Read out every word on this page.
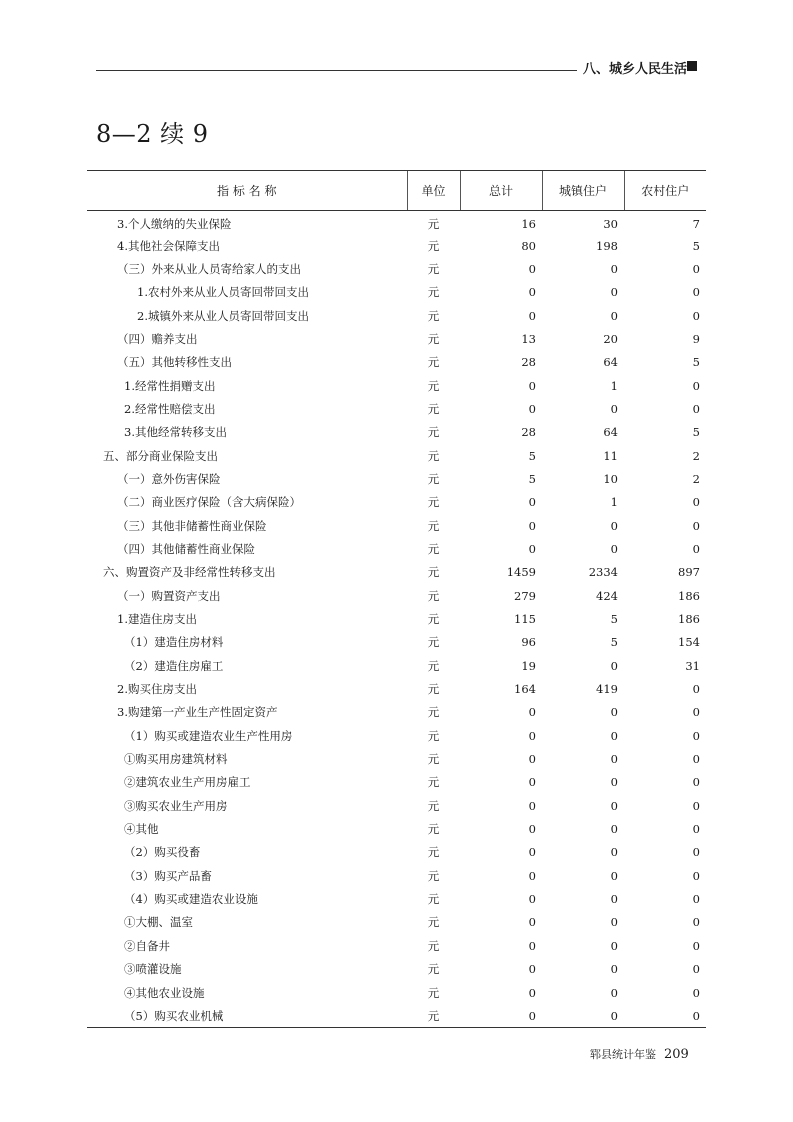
八、城乡人民生活
8—2 续 9
指 标 名 称	单位	总计	城镇住户	农村住户
3.个人缴纳的失业保险	元	16	30	7
4.其他社会保障支出	元	80	198	5
（三）外来从业人员寄给家人的支出	元	0	0	0
1.农村外来从业人员寄回带回支出	元	0	0	0
2.城镇外来从业人员寄回带回支出	元	0	0	0
（四）赡养支出	元	13	20	9
（五）其他转移性支出	元	28	64	5
1.经常性捐赠支出	元	0	1	0
2.经常性赔偿支出	元	0	0	0
3.其他经常转移支出	元	28	64	5
五、部分商业保险支出	元	5	11	2
（一）意外伤害保险	元	5	10	2
（二）商业医疗保险（含大病保险）	元	0	1	0
（三）其他非储蓄性商业保险	元	0	0	0
（四）其他储蓄性商业保险	元	0	0	0
六、购置资产及非经常性转移支出	元	1459	2334	897
（一）购置资产支出	元	279	424	186
1.建造住房支出	元	115	5	186
（1）建造住房材料	元	96	5	154
（2）建造住房雇工	元	19	0	31
2.购买住房支出	元	164	419	0
3.购建第一产业生产性固定资产	元	0	0	0
（1）购买或建造农业生产性用房	元	0	0	0
①购买用房建筑材料	元	0	0	0
②建筑农业生产用房雇工	元	0	0	0
③购买农业生产用房	元	0	0	0
④其他	元	0	0	0
（2）购买役畜	元	0	0	0
（3）购买产品畜	元	0	0	0
（4）购买或建造农业设施	元	0	0	0
①大棚、温室	元	0	0	0
②自备井	元	0	0	0
③喷灌设施	元	0	0	0
④其他农业设施	元	0	0	0
（5）购买农业机械	元	0	0	0
郓县统计年鉴 209
